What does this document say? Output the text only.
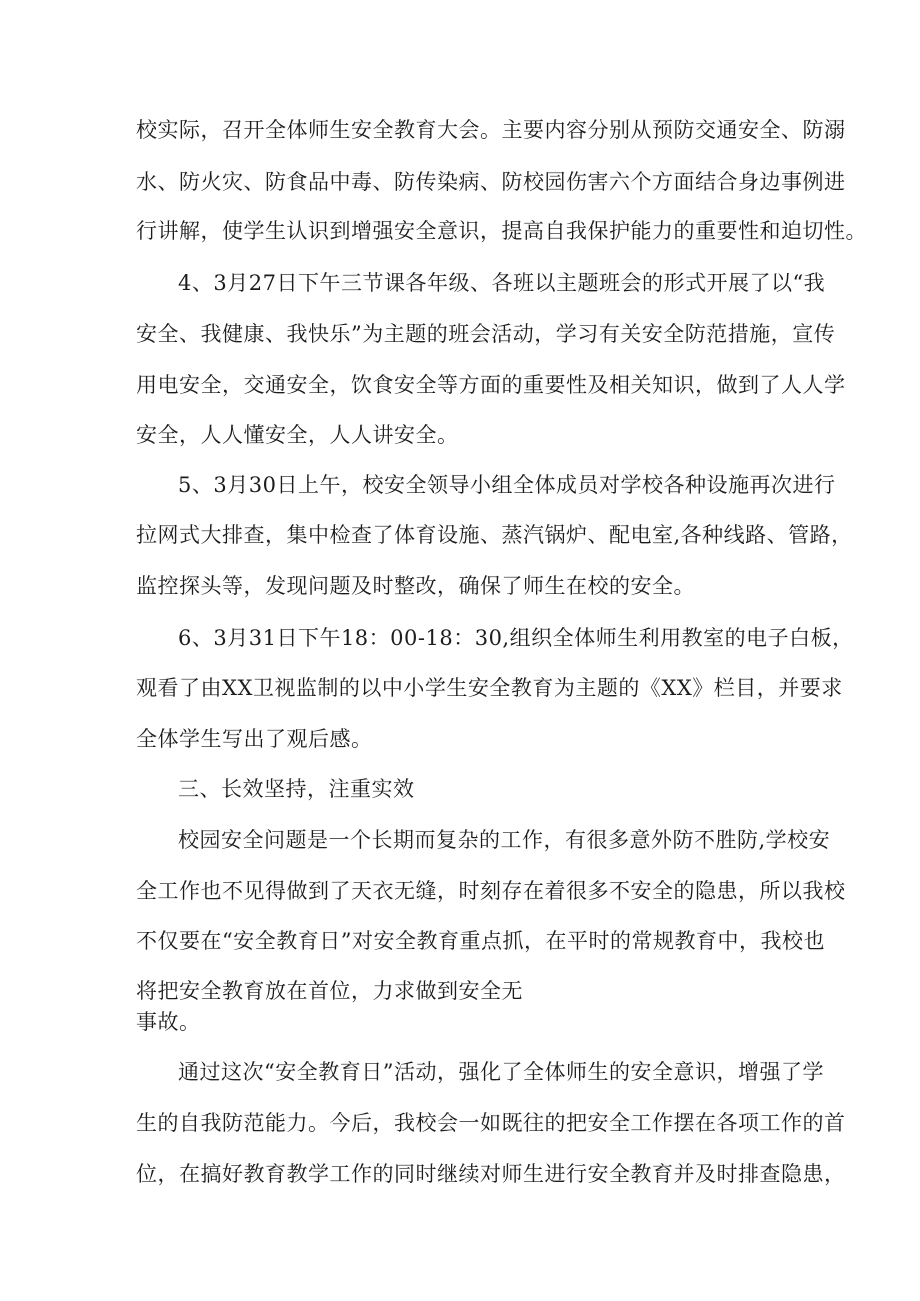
校实际，召开全体师生安全教育大会。主要内容分别从预防交通安全、防溺
水、防火灾、防食品中毒、防传染病、防校园伤害六个方面结合身边事例进
行讲解，使学生认识到增强安全意识，提高自我保护能力的重要性和迫切性。
4、3月27日下午三节课各年级、各班以主题班会的形式开展了以“我
安全、我健康、我快乐”为主题的班会活动，学习有关安全防范措施，宣传
用电安全，交通安全，饮食安全等方面的重要性及相关知识，做到了人人学
安全，人人懂安全，人人讲安全。
5、3月30日上午，校安全领导小组全体成员对学校各种设施再次进行
拉网式大排查，集中检查了体育设施、蒸汽锅炉、配电室,各种线路、管路，
监控探头等，发现问题及时整改，确保了师生在校的安全。
6、3月31日下午18：00-18：30,组织全体师生利用教室的电子白板，
观看了由XX卫视监制的以中小学生安全教育为主题的《XX》栏目，并要求
全体学生写出了观后感。
三、长效坚持，注重实效
校园安全问题是一个长期而复杂的工作，有很多意外防不胜防,学校安
全工作也不见得做到了天衣无缝，时刻存在着很多不安全的隐患，所以我校
不仅要在“安全教育日”对安全教育重点抓，在平时的常规教育中，我校也
将把安全教育放在首位，力求做到安全无
事故。
通过这次“安全教育日”活动，强化了全体师生的安全意识，增强了学
生的自我防范能力。今后，我校会一如既往的把安全工作摆在各项工作的首
位，在搞好教育教学工作的同时继续对师生进行安全教育并及时排查隐患，
